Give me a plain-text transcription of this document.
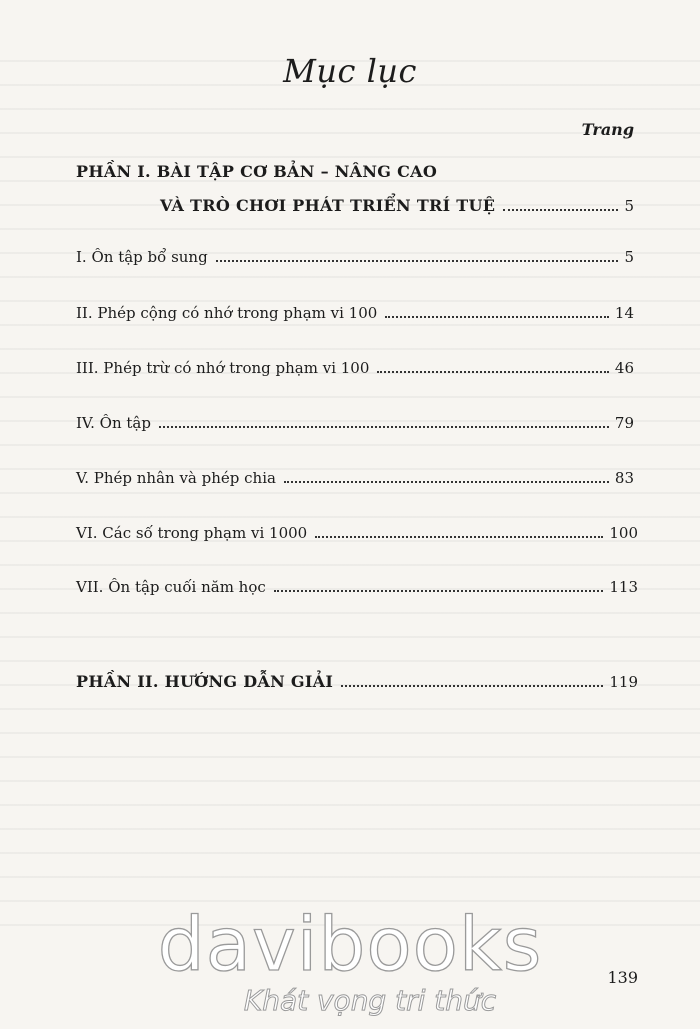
Mục lục
Trang
PHẦN I. BÀI TẬP CƠ BẢN – NÂNG CAO
VÀ TRÒ CHƠI PHÁT TRIỂN TRÍ TUỆ	5
I. Ôn tập bổ sung	5
II. Phép cộng có nhớ trong phạm vi 100	14
III. Phép trừ có nhớ trong phạm vi 100	46
IV. Ôn tập	79
V. Phép nhân và phép chia	83
VI. Các số trong phạm vi 1000	100
VII. Ôn tập cuối năm học	113
PHẦN II. HƯỚNG DẪN GIẢI	119
139
davibooks
Khát vọng tri thức
